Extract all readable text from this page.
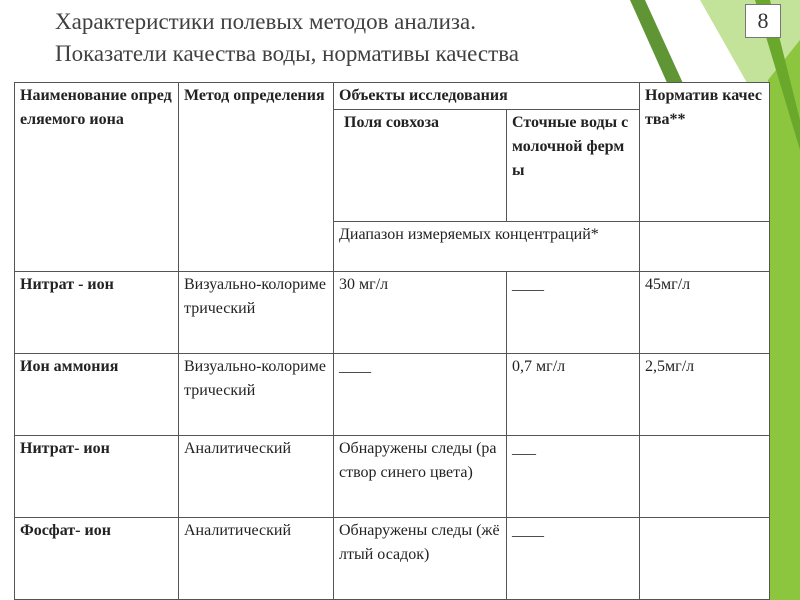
Характеристики полевых методов анализа.
Показатели качества воды, нормативы качества
8
Наименование определяемого иона	Метод определения	Объекты исследования		Норматив качества**
		Поля совхоза	Сточные воды с молочной фермы	
		Диапазон измеряемых концентраций*		
Нитрат - ион	Визуально-колориметрический	30 мг/л	____	45мг/л
Ион аммония	Визуально-колориметрический	____	0,7 мг/л	2,5мг/л
Нитрат- ион	Аналитический	Обнаружены следы (раствор синего цвета)	___	
Фосфат- ион	Аналитический	Обнаружены следы (жёлтый осадок)	____	
